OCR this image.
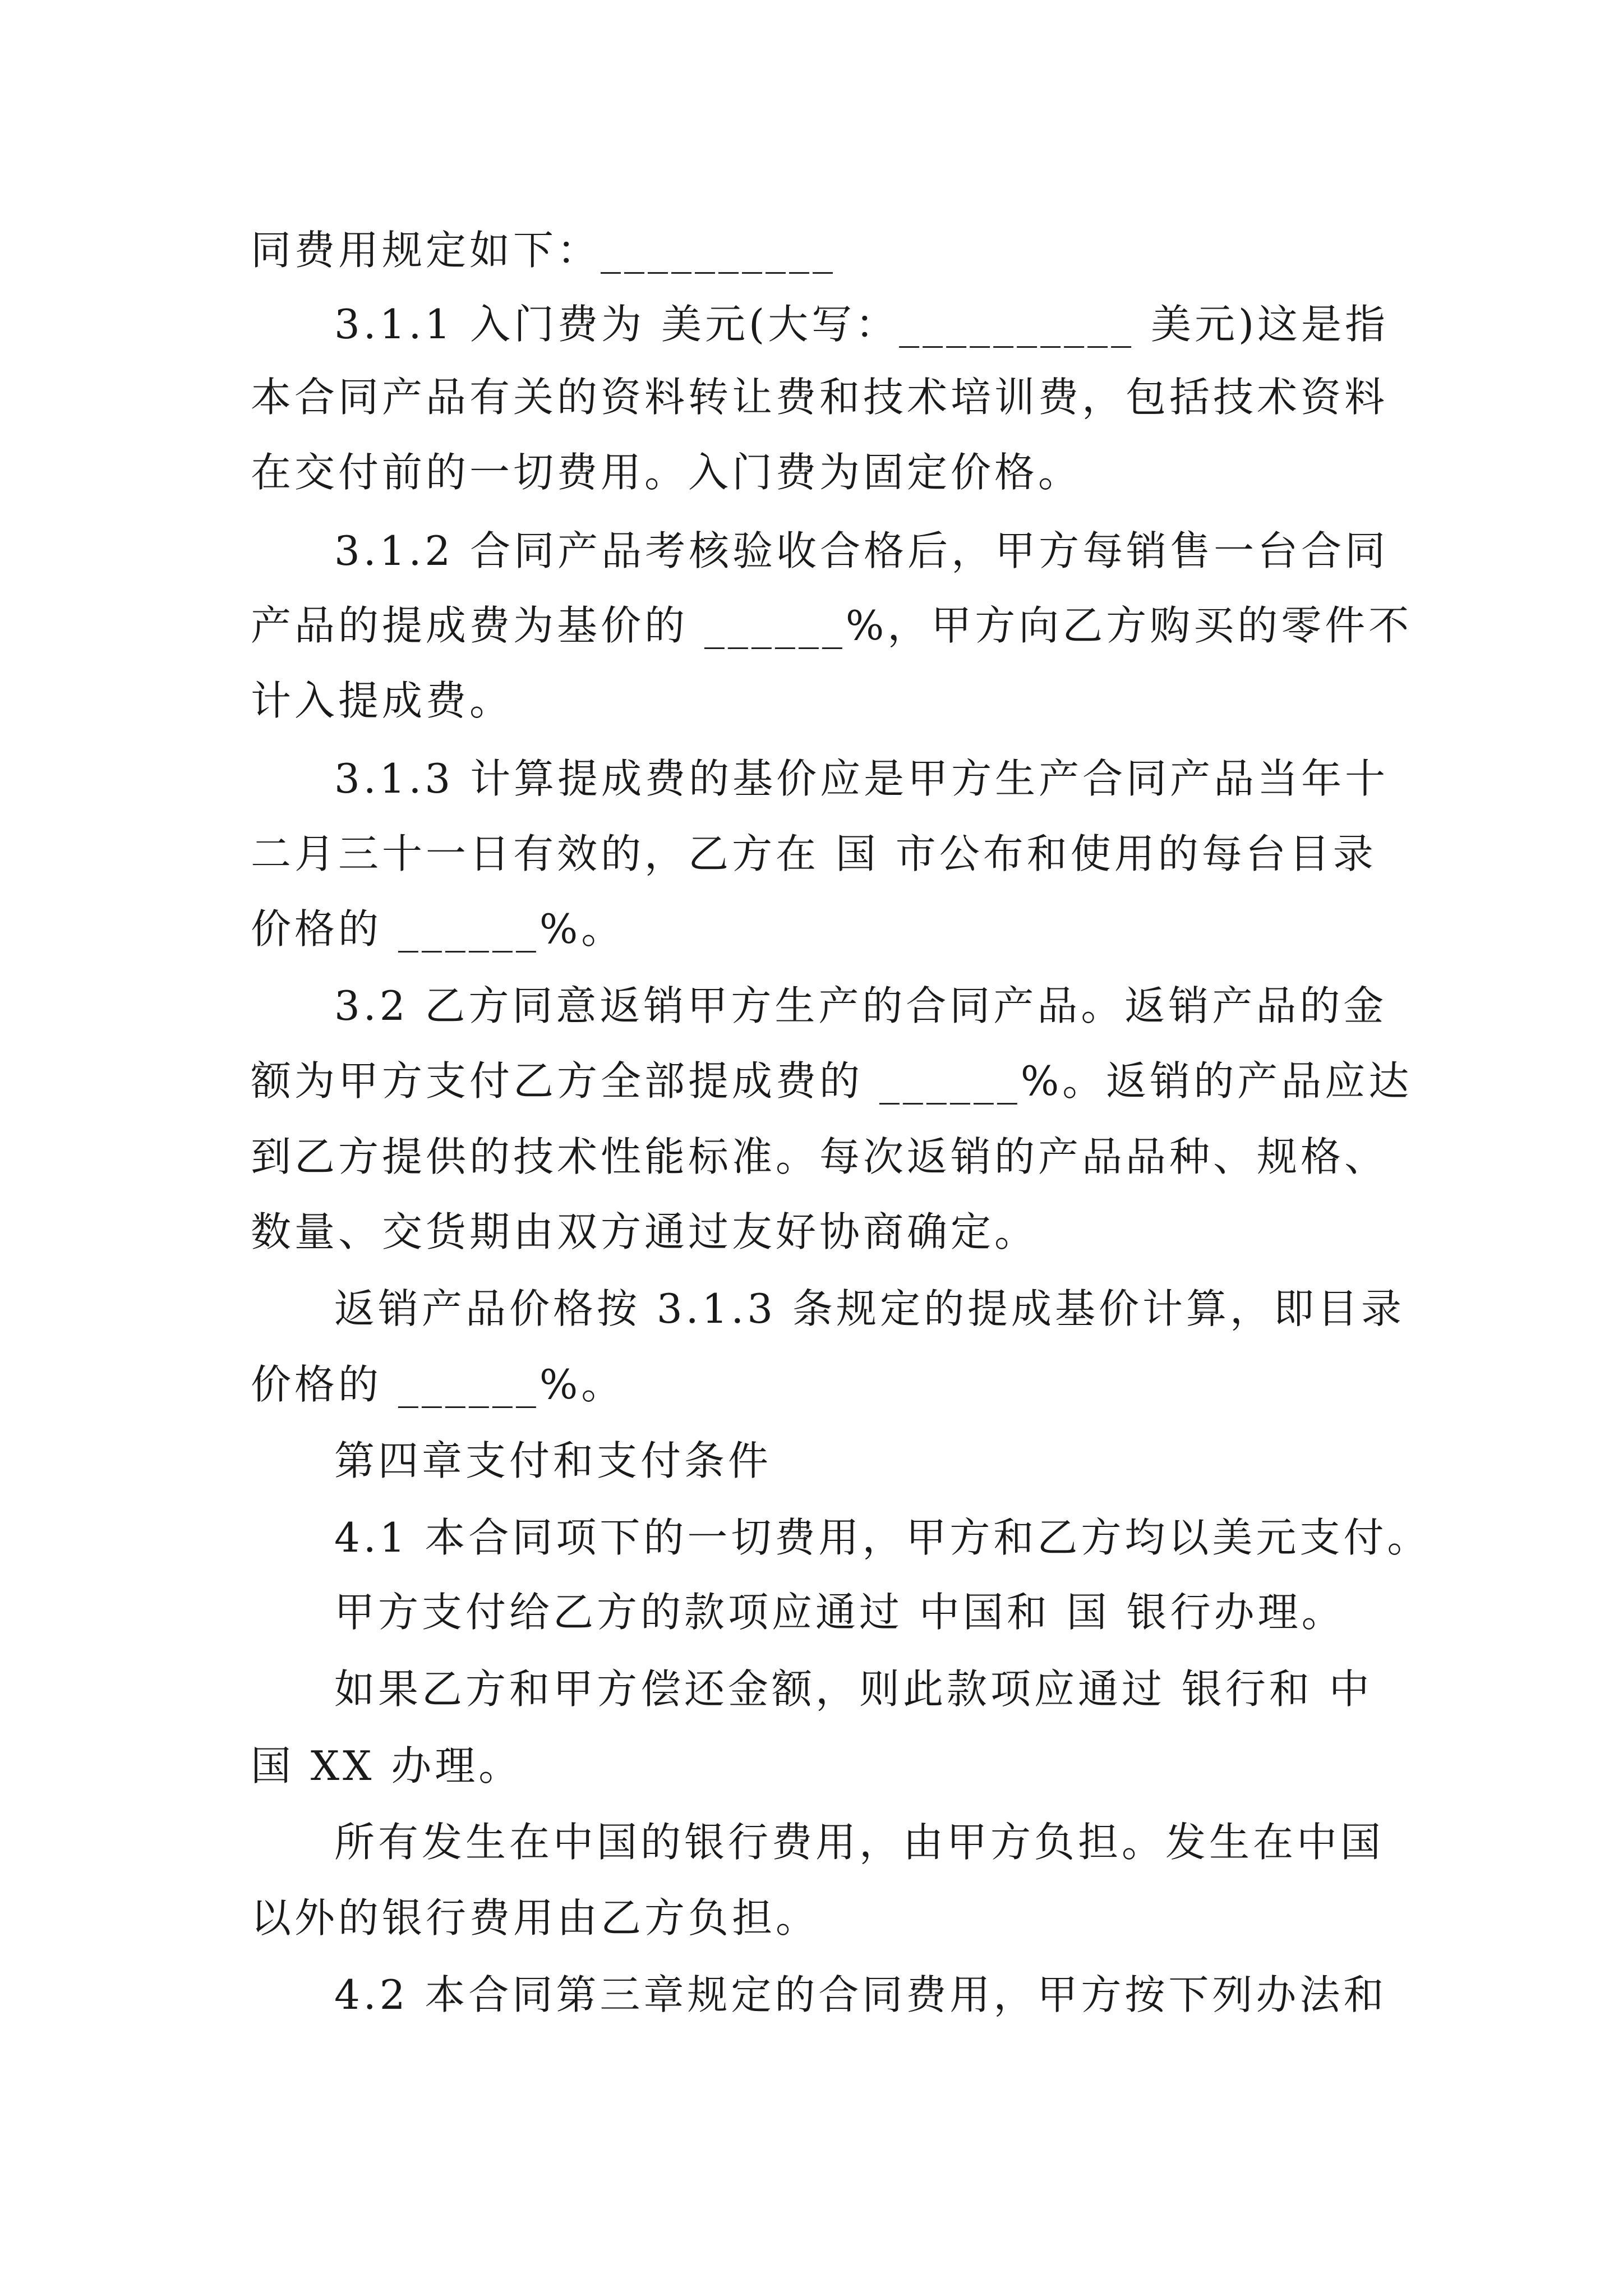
同费用规定如下：__________

3.1.1 入门费为 美元(大写：__________ 美元)这是指

本合同产品有关的资料转让费和技术培训费，包括技术资料

在交付前的一切费用。入门费为固定价格。

3.1.2 合同产品考核验收合格后，甲方每销售一台合同

产品的提成费为基价的 ______%，甲方向乙方购买的零件不

计入提成费。

3.1.3 计算提成费的基价应是甲方生产合同产品当年十

二月三十一日有效的，乙方在 国 市公布和使用的每台目录

价格的 ______%。

3.2 乙方同意返销甲方生产的合同产品。返销产品的金

额为甲方支付乙方全部提成费的 ______%。返销的产品应达

到乙方提供的技术性能标准。每次返销的产品品种、规格、

数量、交货期由双方通过友好协商确定。

返销产品价格按 3.1.3 条规定的提成基价计算，即目录

价格的 ______%。

第四章支付和支付条件

4.1 本合同项下的一切费用，甲方和乙方均以美元支付。

甲方支付给乙方的款项应通过 中国和 国 银行办理。

如果乙方和甲方偿还金额，则此款项应通过 银行和 中

国 XX 办理。

所有发生在中国的银行费用，由甲方负担。发生在中国

以外的银行费用由乙方负担。

4.2 本合同第三章规定的合同费用，甲方按下列办法和
